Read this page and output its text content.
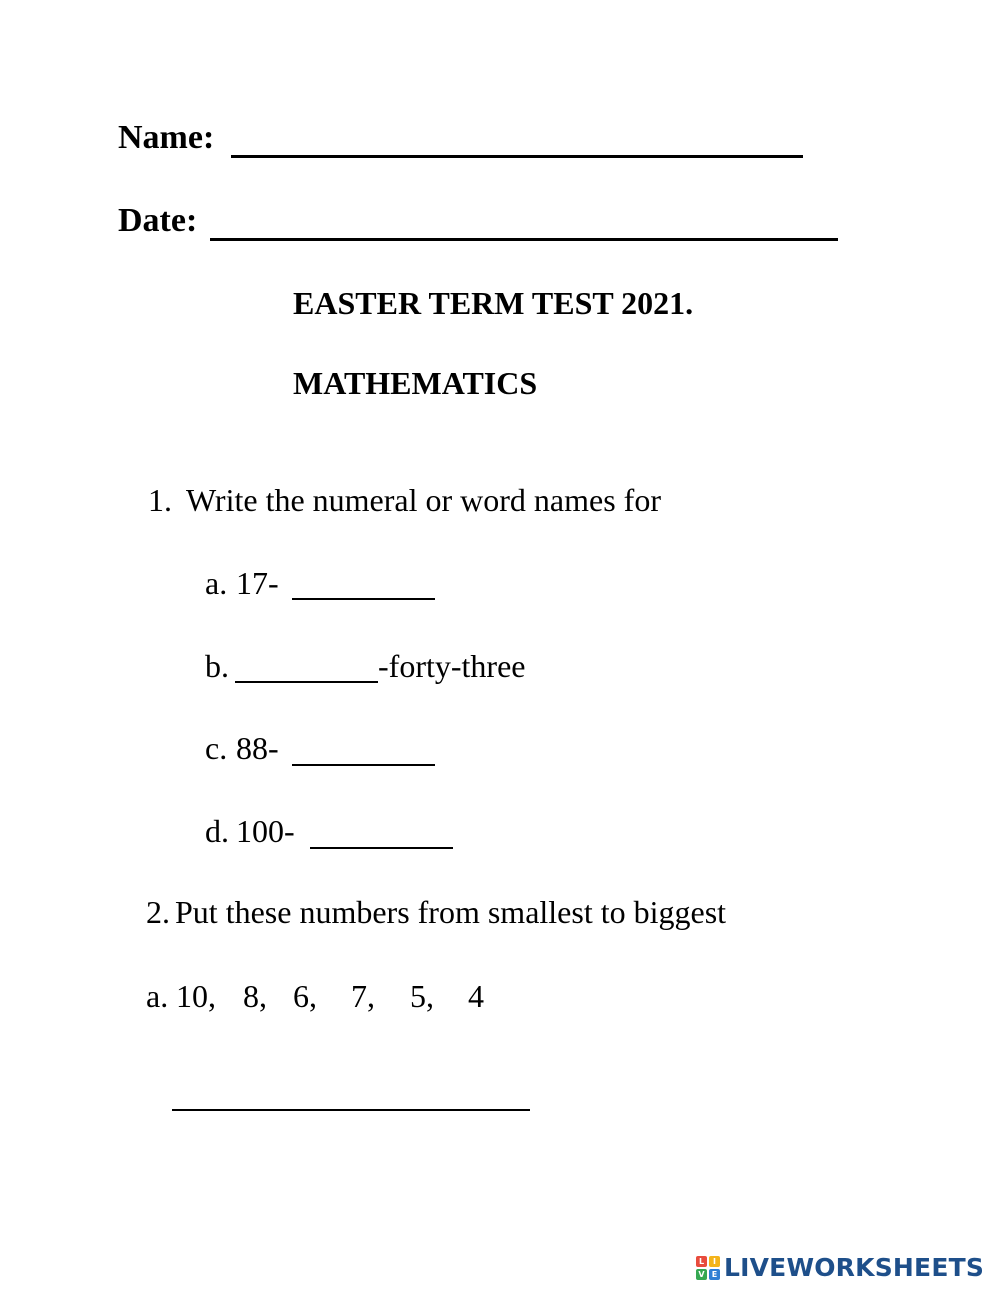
Name:
Date:
EASTER TERM TEST 2021.
MATHEMATICS
1. Write the numeral or word names for
a. 17-
b.	-forty-three
c. 88-
d. 100-
2. Put these numbers from smallest to biggest
a. 10, 8, 6, 7, 5, 4
L	I
V E LIVEWORKSHEETS
